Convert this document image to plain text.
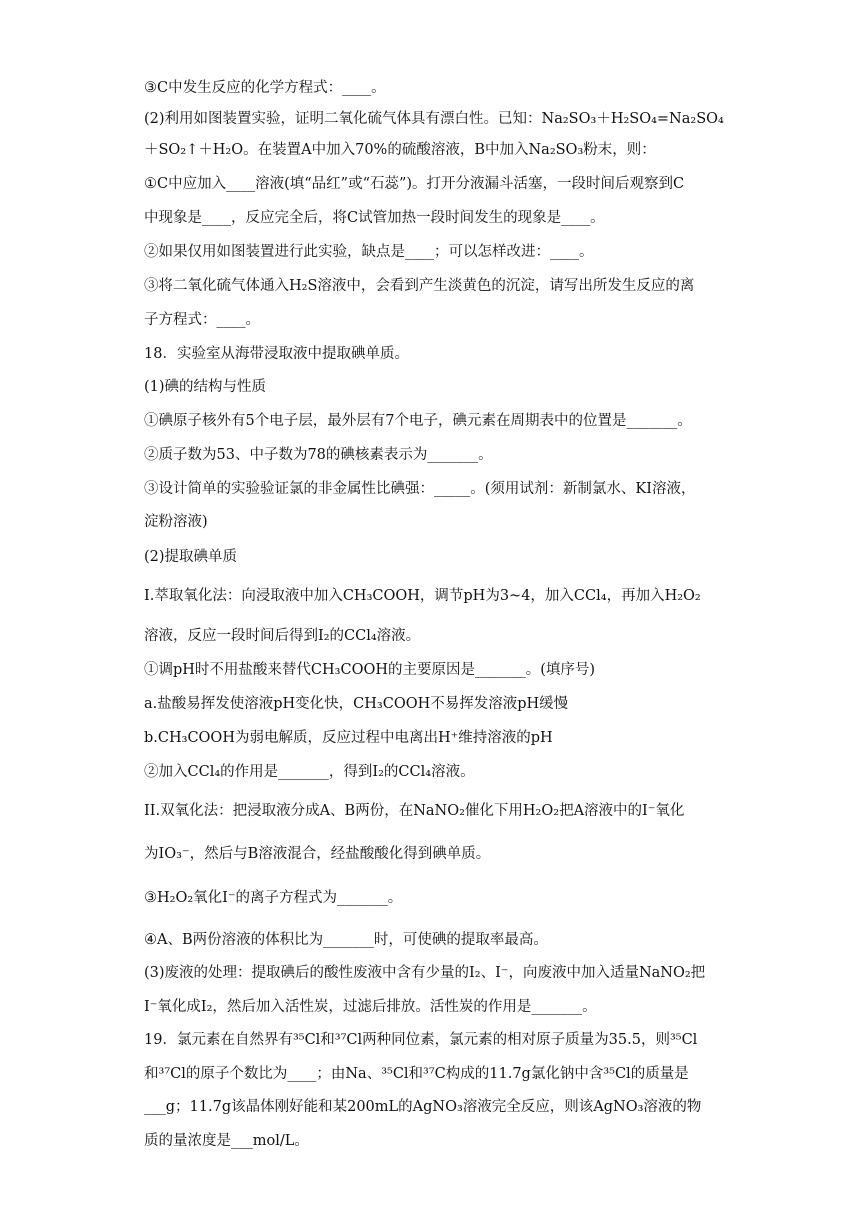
③C中发生反应的化学方程式：____。
(2)利用如图装置实验，证明二氧化硫气体具有漂白性。已知：Na₂SO₃＋H₂SO₄=Na₂SO₄
＋SO₂↑＋H₂O。在装置A中加入70%的硫酸溶液，B中加入Na₂SO₃粉末，则：
①C中应加入____溶液(填“品红”或“石蕊”)。打开分液漏斗活塞，一段时间后观察到C
中现象是____，反应完全后，将C试管加热一段时间发生的现象是____。
②如果仅用如图装置进行此实验，缺点是____；可以怎样改进：____。
③将二氧化硫气体通入H₂S溶液中，会看到产生淡黄色的沉淀，请写出所发生反应的离
子方程式：____。
18．实验室从海带浸取液中提取碘单质。
(1)碘的结构与性质
①碘原子核外有5个电子层，最外层有7个电子，碘元素在周期表中的位置是_______。
②质子数为53、中子数为78的碘核素表示为_______。
③设计简单的实验验证氯的非金属性比碘强：_____。(须用试剂：新制氯水、KI溶液，
淀粉溶液)
(2)提取碘单质
I.萃取氧化法：向浸取液中加入CH₃COOH，调节pH为3~4，加入CCl₄，再加入H₂O₂
溶液，反应一段时间后得到I₂的CCl₄溶液。
①调pH时不用盐酸来替代CH₃COOH的主要原因是_______。(填序号)
a.盐酸易挥发使溶液pH变化快，CH₃COOH不易挥发溶液pH缓慢
b.CH₃COOH为弱电解质，反应过程中电离出H⁺维持溶液的pH
②加入CCl₄的作用是_______，得到I₂的CCl₄溶液。
II.双氧化法：把浸取液分成A、B两份，在NaNO₂催化下用H₂O₂把A溶液中的I⁻氧化
为IO₃⁻，然后与B溶液混合，经盐酸酸化得到碘单质。
③H₂O₂氧化I⁻的离子方程式为_______。
④A、B两份溶液的体积比为_______时，可使碘的提取率最高。
(3)废液的处理：提取碘后的酸性废液中含有少量的I₂、I⁻，向废液中加入适量NaNO₂把
I⁻氧化成I₂，然后加入活性炭，过滤后排放。活性炭的作用是_______。
19．氯元素在自然界有³⁵Cl和³⁷Cl两种同位素，氯元素的相对原子质量为35.5，则³⁵Cl
和³⁷Cl的原子个数比为____；由Na、³⁵Cl和³⁷C构成的11.7g氯化钠中含³⁵Cl的质量是
___g；11.7g该晶体刚好能和某200mL的AgNO₃溶液完全反应，则该AgNO₃溶液的物
质的量浓度是___mol/L。
